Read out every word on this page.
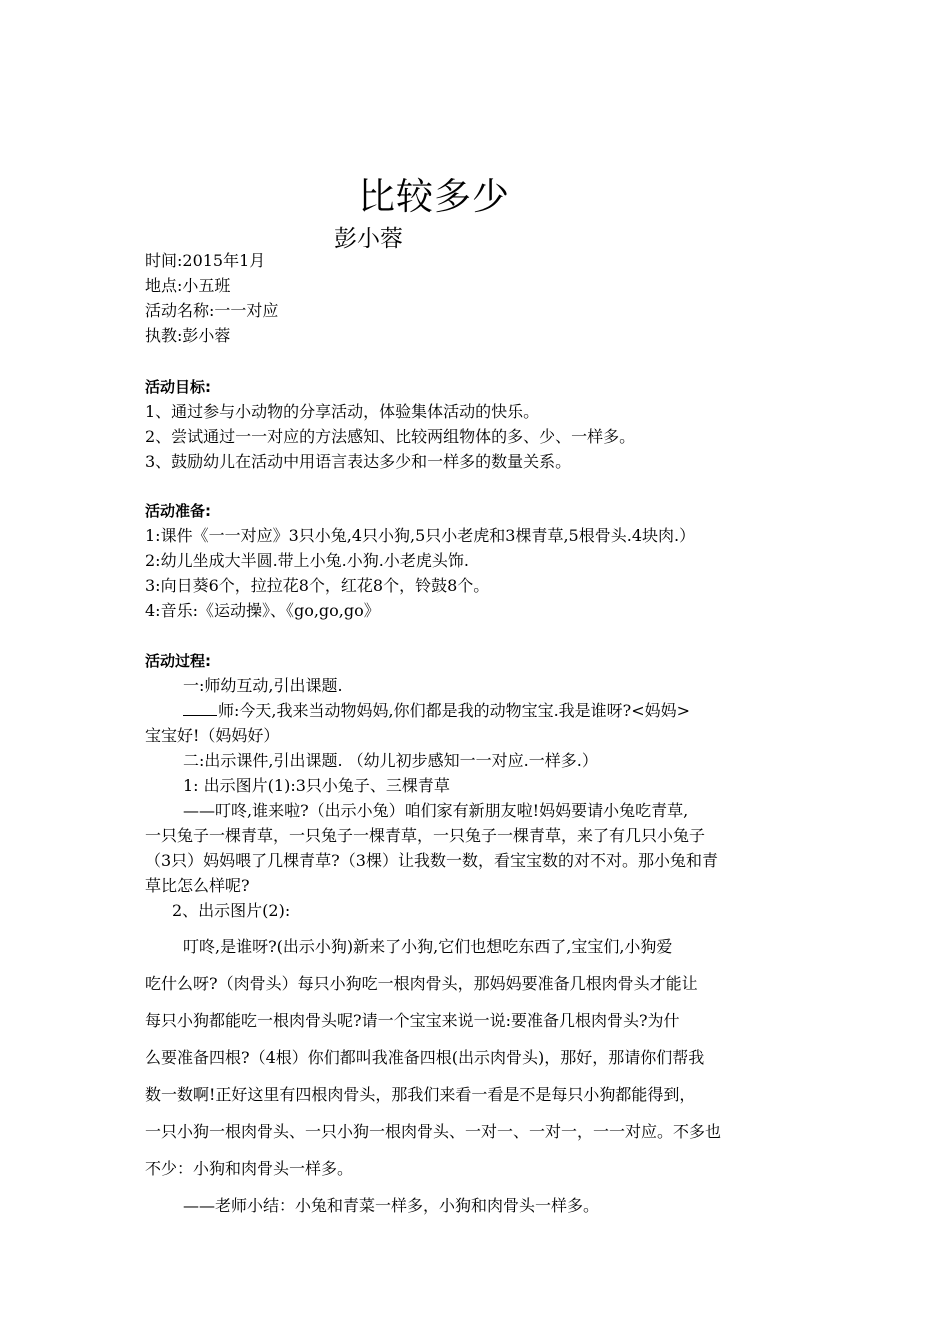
比较多少
彭小蓉
时间:2015年1月
地点:小五班
活动名称:一一对应
执教:彭小蓉
活动目标:
1、通过参与小动物的分享活动，体验集体活动的快乐。
2、尝试通过一一对应的方法感知、比较两组物体的多、少、一样多。
3、鼓励幼儿在活动中用语言表达多少和一样多的数量关系。
活动准备:
1:课件《一一对应》3只小兔,4只小狗,5只小老虎和3棵青草,5根骨头.4块肉.）
2:幼儿坐成大半圆.带上小兔.小狗.小老虎头饰.
3:向日葵6个，拉拉花8个，红花8个，铃鼓8个。
4:音乐:《运动操》、《go,go,go》
活动过程:
一:师幼互动,引出课题.
师:今天,我来当动物妈妈,你们都是我的动物宝宝.我是谁呀?<妈妈>
宝宝好!（妈妈好）
二:出示课件,引出课题. （幼儿初步感知一一对应.一样多.）
1: 出示图片(1):3只小兔子、三棵青草
——叮咚,谁来啦?（出示小兔）咱们家有新朋友啦!妈妈要请小兔吃青草,
一只兔子一棵青草，一只兔子一棵青草，一只兔子一棵青草，来了有几只小兔子
（3只）妈妈喂了几棵青草?（3棵）让我数一数，看宝宝数的对不对。那小兔和青
草比怎么样呢?
2、出示图片(2):
叮咚,是谁呀?(出示小狗)新来了小狗,它们也想吃东西了,宝宝们,小狗爱
吃什么呀?（肉骨头）每只小狗吃一根肉骨头，那妈妈要准备几根肉骨头才能让
每只小狗都能吃一根肉骨头呢?请一个宝宝来说一说:要准备几根肉骨头?为什
么要准备四根?（4根）你们都叫我准备四根(出示肉骨头)，那好，那请你们帮我
数一数啊!正好这里有四根肉骨头，那我们来看一看是不是每只小狗都能得到，
一只小狗一根肉骨头、一只小狗一根肉骨头、一对一、一对一，一一对应。不多也
不少：小狗和肉骨头一样多。
——老师小结：小兔和青菜一样多，小狗和肉骨头一样多。
